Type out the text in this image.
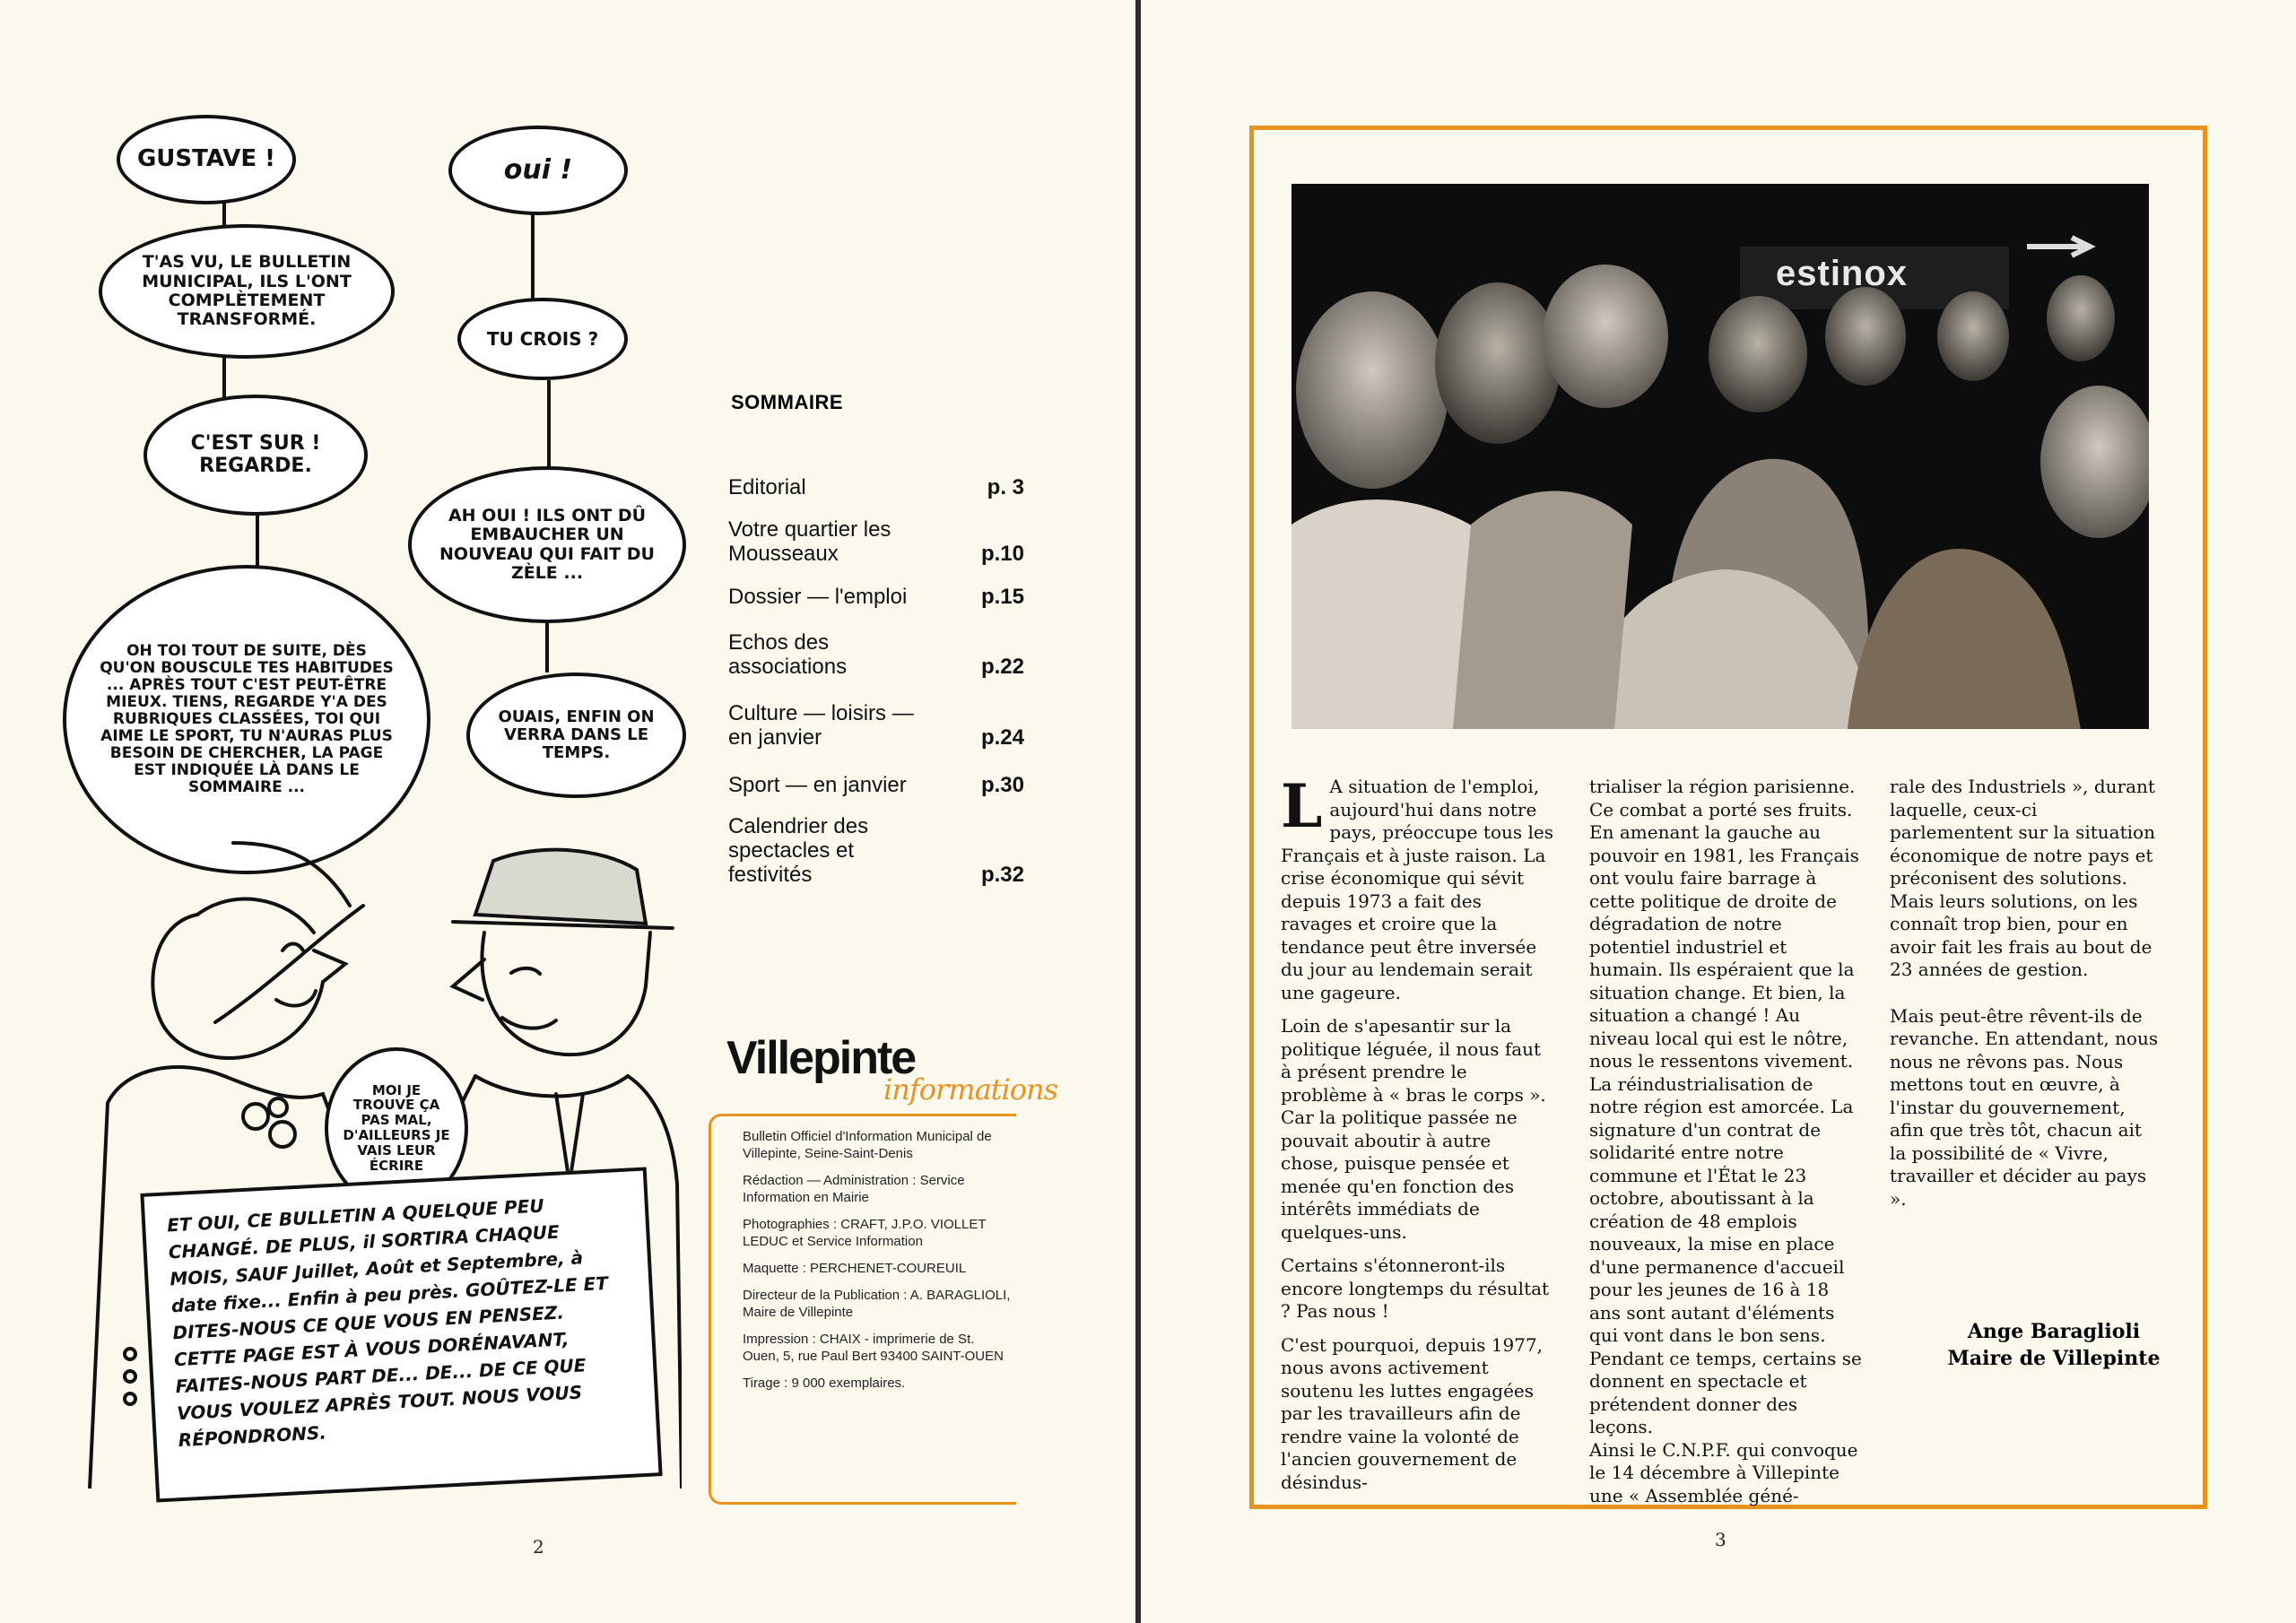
GUSTAVE !	oui !
T'AS VU, LE BULLETIN MUNICIPAL, ILS L'ONT COMPLÈTEMENT TRANSFORMÉ.
TU CROIS ?
C'EST SUR ! REGARDE.
AH OUI ! ILS ONT DÛ EMBAUCHER UN NOUVEAU QUI FAIT DU ZÈLE ...
OH TOI TOUT DE SUITE, DÈS QU'ON BOUSCULE TES HABITUDES ... APRÈS TOUT C'EST PEUT-ÊTRE MIEUX. TIENS, REGARDE Y'A DES RUBRIQUES CLASSÉES, TOI QUI AIME LE SPORT, TU N'AURAS PLUS BESOIN DE CHERCHER, LA PAGE EST INDIQUÉE LÀ DANS LE SOMMAIRE ...
OUAIS, ENFIN ON VERRA DANS LE TEMPS.
MOI JE TROUVE ÇA PAS MAL, D'AILLEURS JE VAIS LEUR ÉCRIRE
ET OUI, CE BULLETIN A QUELQUE PEU CHANGÉ. DE PLUS, il SORTIRA CHAQUE MOIS, SAUF Juillet, Août et Septembre, à date fixe... Enfin à peu près. GOÛTEZ-LE ET DITES-NOUS CE QUE VOUS EN PENSEZ. CETTE PAGE EST À VOUS DORÉNAVANT, FAITES-NOUS PART DE... DE... DE CE QUE VOUS VOULEZ APRÈS TOUT. NOUS VOUS RÉPONDRONS.
SOMMAIRE
Editorial	p. 3
Votre quartier les Mousseaux	p.10
Dossier — l'emploi	p.15
Echos des associations	p.22
Culture — loisirs — en janvier	p.24
Sport — en janvier	p.30
Calendrier des spectacles et festivités	p.32
Villepinte
informations

Bulletin Officiel d'Information Municipal de Villepinte, Seine-Saint-Denis

Rédaction — Administration : Service Information en Mairie

Photographies : CRAFT, J.P.O. VIOLLET LEDUC et Service Information

Maquette : PERCHENET-COUREUIL

Directeur de la Publication : A. BARAGLIOLI, Maire de Villepinte

Impression : CHAIX - imprimerie de St. Ouen, 5, rue Paul Bert 93400 SAINT-OUEN

Tirage : 9 000 exemplaires.

2
estinox

L A situation de l'emploi, aujourd'hui dans notre pays, préoccupe tous les Français et à juste raison. La crise économique qui sévit depuis 1973 a fait des ravages et croire que la tendance peut être inversée du jour au lendemain serait une gageure.

Loin de s'apesantir sur la politique léguée, il nous faut à présent prendre le problème à « bras le corps ». Car la politique passée ne pouvait aboutir à autre chose, puisque pensée et menée qu'en fonction des intérêts immédiats de quelques-uns.

Certains s'étonneront-ils encore longtemps du résultat ? Pas nous !

C'est pourquoi, depuis 1977, nous avons activement soutenu les luttes engagées par les travailleurs afin de rendre vaine la volonté de l'ancien gouvernement de désindus-

trialiser la région parisienne. Ce combat a porté ses fruits. En amenant la gauche au pouvoir en 1981, les Français ont voulu faire barrage à cette politique de droite de dégradation de notre potentiel industriel et humain. Ils espéraient que la situation change. Et bien, la situation a changé ! Au niveau local qui est le nôtre, nous le ressentons vivement. La réindustrialisation de notre région est amorcée. La signature d'un contrat de solidarité entre notre commune et l'État le 23 octobre, aboutissant à la création de 48 emplois nouveaux, la mise en place d'une permanence d'accueil pour les jeunes de 16 à 18 ans sont autant d'éléments qui vont dans le bon sens. Pendant ce temps, certains se donnent en spectacle et prétendent donner des leçons.

Ainsi le C.N.P.F. qui convoque le 14 décembre à Villepinte une « Assemblée géné-

rale des Industriels », durant laquelle, ceux-ci parlementent sur la situation économique de notre pays et préconisent des solutions. Mais leurs solutions, on les connaît trop bien, pour en avoir fait les frais au bout de 23 années de gestion.

Mais peut-être rêvent-ils de revanche. En attendant, nous nous ne rêvons pas. Nous mettons tout en œuvre, à l'instar du gouvernement, afin que très tôt, chacun ait la possibilité de « Vivre, travailler et décider au pays ».

Ange Baraglioli
Maire de Villepinte
3
